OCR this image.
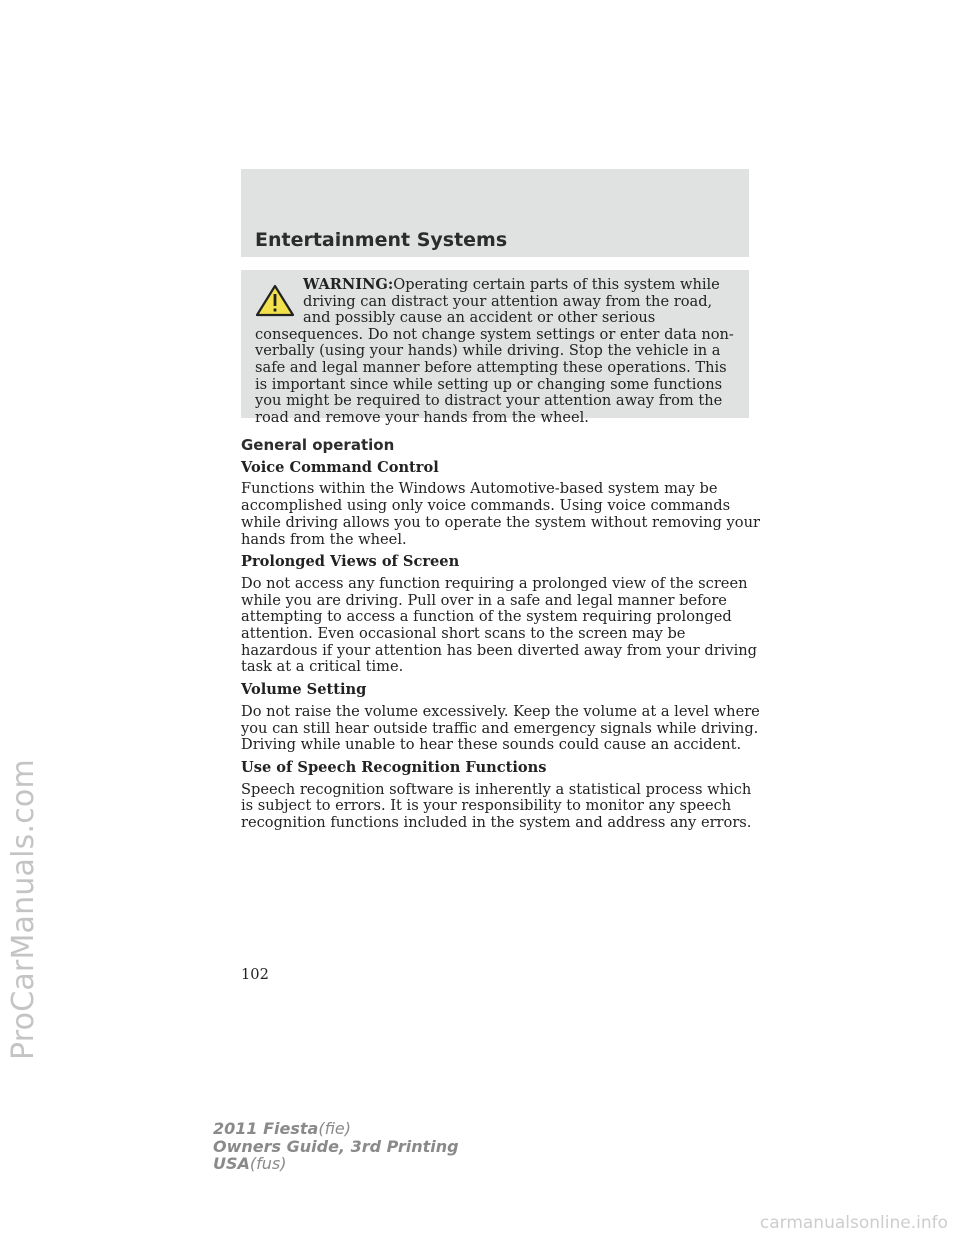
ProCarManuals.com
Entertainment Systems
WARNING:Operating certain parts of this system while driving can distract your attention away from the road, and possibly cause an accident or other serious consequences. Do not change system settings or enter data non-verbally (using your hands) while driving. Stop the vehicle in a safe and legal manner before attempting these operations. This is important since while setting up or changing some functions you might be required to distract your attention away from the road and remove your hands from the wheel.
General operation
Voice Command Control

Functions within the Windows Automotive-based system may be accomplished using only voice commands. Using voice commands while driving allows you to operate the system without removing your hands from the wheel.

Prolonged Views of Screen

Do not access any function requiring a prolonged view of the screen while you are driving. Pull over in a safe and legal manner before attempting to access a function of the system requiring prolonged attention. Even occasional short scans to the screen may be hazardous if your attention has been diverted away from your driving task at a critical time.

Volume Setting

Do not raise the volume excessively. Keep the volume at a level where you can still hear outside traffic and emergency signals while driving. Driving while unable to hear these sounds could cause an accident.

Use of Speech Recognition Functions

Speech recognition software is inherently a statistical process which is subject to errors. It is your responsibility to monitor any speech recognition functions included in the system and address any errors.

102
2011 Fiesta(fie)
Owners Guide, 3rd Printing
USA(fus)
carmanualsonline.info
